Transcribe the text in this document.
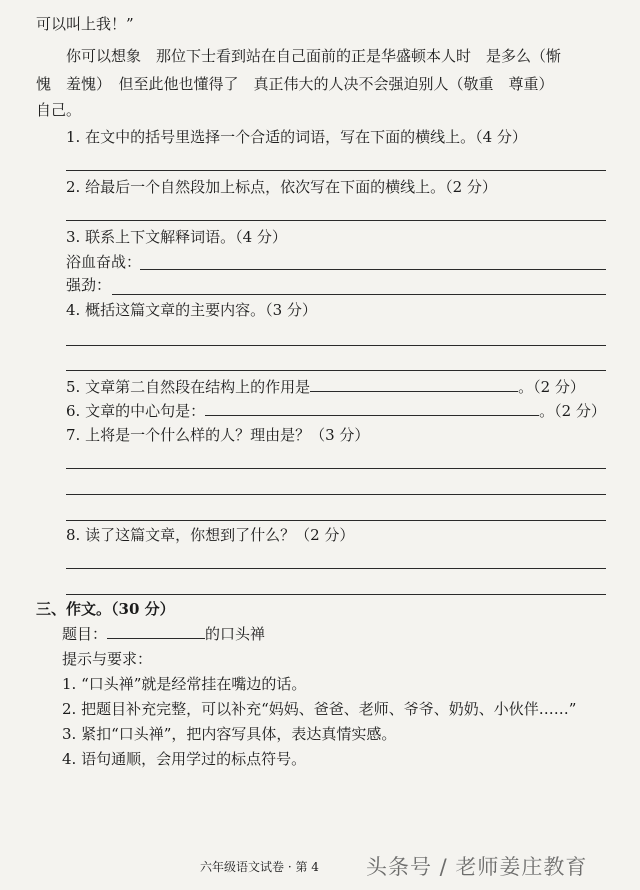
可以叫上我！”
你可以想象　那位下士看到站在自己面前的正是华盛顿本人时　是多么（惭
愧　羞愧）　但至此他也懂得了　真正伟大的人决不会强迫别人（敬重　尊重）
自己。
1. 在文中的括号里选择一个合适的词语，写在下面的横线上。（4 分）
2. 给最后一个自然段加上标点，依次写在下面的横线上。（2 分）
3. 联系上下文解释词语。（4 分）
浴血奋战：
强劲：
4. 概括这篇文章的主要内容。（3 分）
5. 文章第二自然段在结构上的作用是	。（2 分）
6. 文章的中心句是：	。（2 分）
7. 上将是一个什么样的人？理由是？（3 分）
8. 读了这篇文章，你想到了什么？（2 分）
三、作文。（30 分）
题目：	的口头禅
提示与要求：
1. “口头禅”就是经常挂在嘴边的话。
2. 把题目补充完整，可以补充“妈妈、爸爸、老师、爷爷、奶奶、小伙伴……”
3. 紧扣“口头禅”，把内容写具体，表达真情实感。
4. 语句通顺，会用学过的标点符号。
六年级语文试卷 · 第 4 头条号 / 老师姜庄教育
